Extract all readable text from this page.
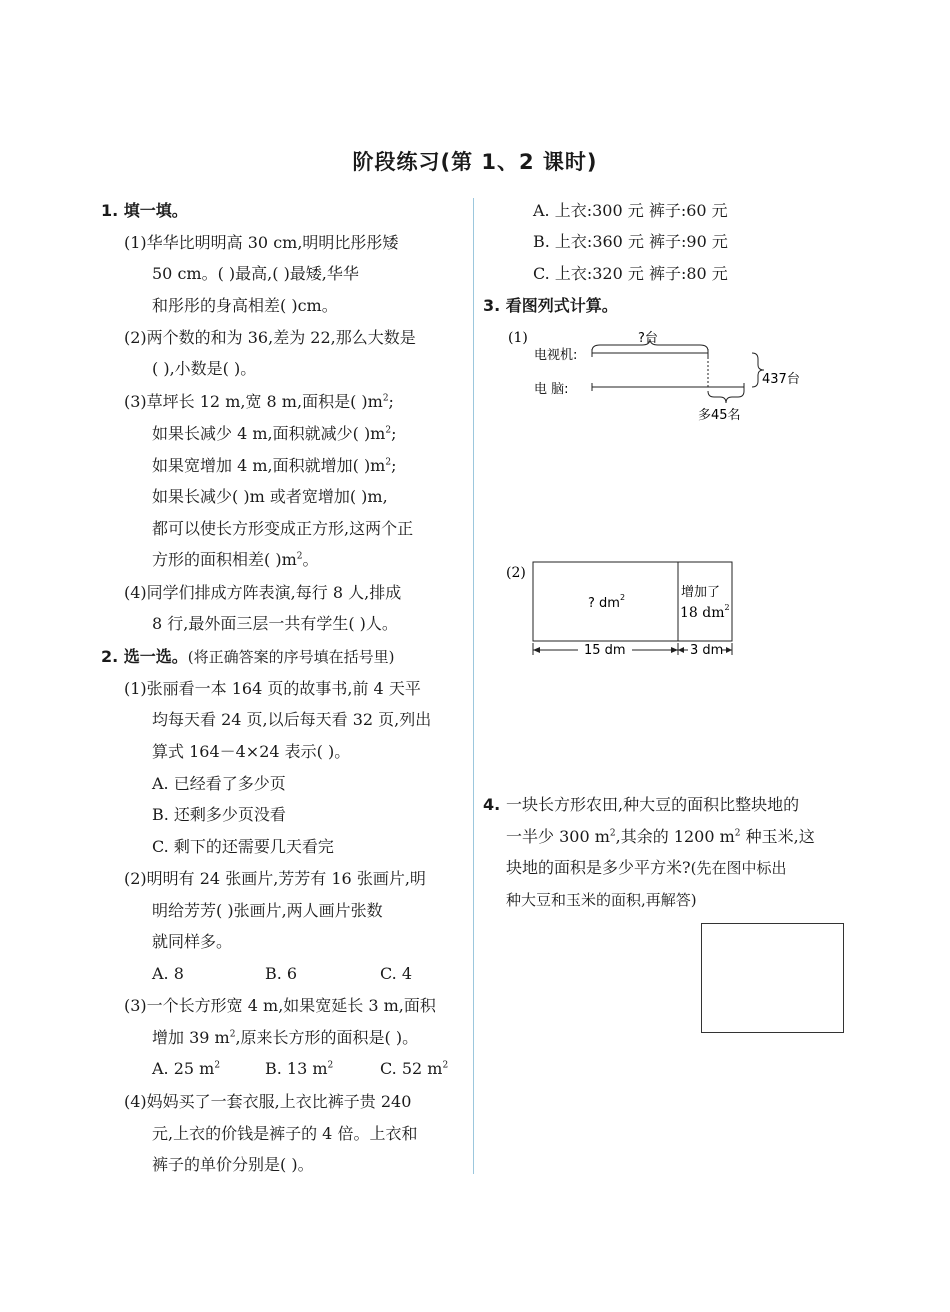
阶段练习(第 1、2 课时)
1. 填一填。
(1)华华比明明高 30 cm,明明比彤彤矮
50 cm。( )最高,( )最矮,华华
和彤彤的身高相差( )cm。
(2)两个数的和为 36,差为 22,那么大数是
( ),小数是( )。
(3)草坪长 12 m,宽 8 m,面积是( )$m^2$;
如果长减少 4 m,面积就减少( )$m^2$;
如果宽增加 4 m,面积就增加( )$m^2$;
如果长减少( )m 或者宽增加( )m,
都可以使长方形变成正方形,这两个正
方形的面积相差( )$m^2$。
(4)同学们排成方阵表演,每行 8 人,排成
8 行,最外面三层一共有学生( )人。
2. 选一选。(将正确答案的序号填在括号里)
(1)张丽看一本 164 页的故事书,前 4 天平
均每天看 24 页,以后每天看 32 页,列出
算式 164－4×24 表示( )。
A. 已经看了多少页
B. 还剩多少页没看
C. 剩下的还需要几天看完
(2)明明有 24 张画片,芳芳有 16 张画片,明
明给芳芳( )张画片,两人画片张数
就同样多。
A. 8	B. 6	C. 4
(3)一个长方形宽 4 m,如果宽延长 3 m,面积
增加 39 $m^2$,原来长方形的面积是( )。
A. 25 $m^2$	B. 13 $m^2$	C. 52 $m^2$
(4)妈妈买了一套衣服,上衣比裤子贵 240
元,上衣的价钱是裤子的 4 倍。上衣和
裤子的单价分别是( )。
A. 上衣:300 元 裤子:60 元
B. 上衣:360 元 裤子:90 元
C. 上衣:320 元 裤子:80 元
3. 看图列式计算。
(1)
电视机:
电 脑:
?台
437台
多45名
(2)
? $dm^2$	增加了
18 $dm^2$
15 dm	3 dm
4. 一块长方形农田,种大豆的面积比整块地的
一半少 300 $m^2$,其余的 1200 $m^2$ 种玉米,这
块地的面积是多少平方米?(先在图中标出
种大豆和玉米的面积,再解答)
